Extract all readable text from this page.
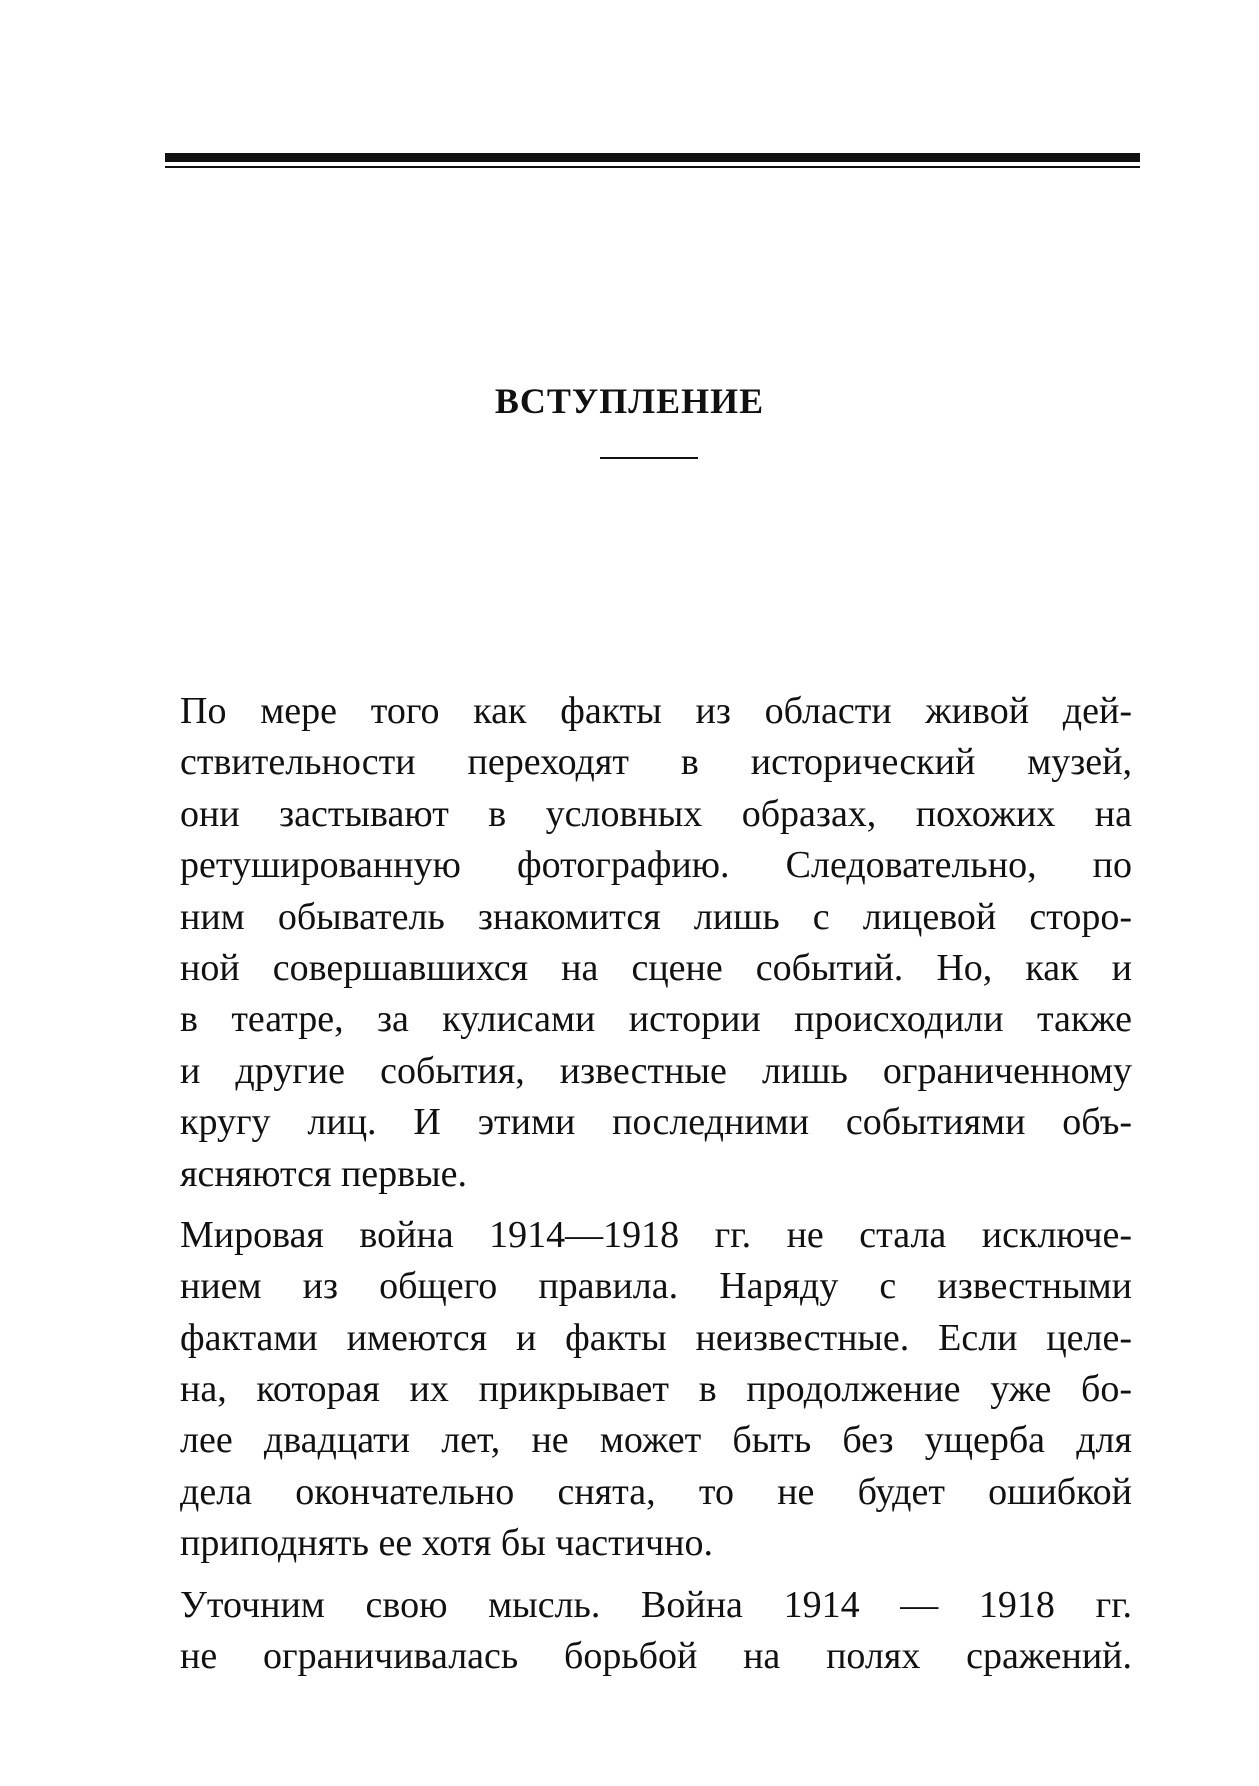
ВСТУПЛЕНИЕ
По мере того как факты из области живой дей-
ствительности переходят в исторический музей,
они застывают в условных образах, похожих на
ретушированную фотографию. Следовательно, по
ним обыватель знакомится лишь с лицевой сторо-
ной совершавшихся на сцене событий. Но, как и
в театре, за кулисами истории происходили также
и другие события, известные лишь ограниченному
кругу лиц. И этими последними событиями объ-
ясняются первые.
Мировая война 1914—1918 гг. не стала исключе-
нием из общего правила. Наряду с известными
фактами имеются и факты неизвестные. Если целе-
на, которая их прикрывает в продолжение уже бо-
лее двадцати лет, не может быть без ущерба для
дела окончательно снята, то не будет ошибкой
приподнять ее хотя бы частично.
Уточним свою мысль. Война 1914 — 1918 гг.
не ограничивалась борьбой на полях сражений.
